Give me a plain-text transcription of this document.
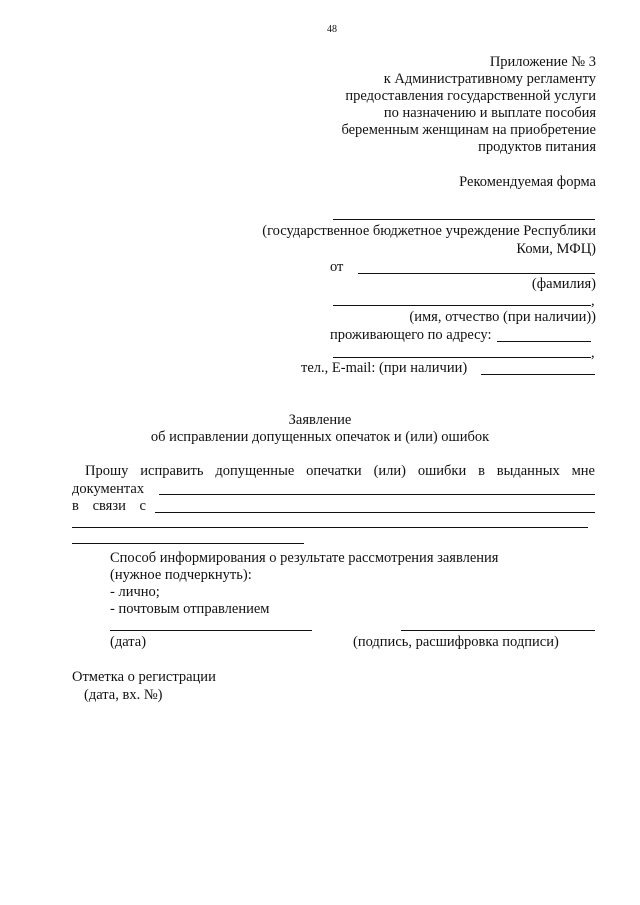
48
Приложение № 3
к Административному регламенту
предоставления государственной услуги
по назначению и выплате пособия
беременным женщинам на приобретение
продуктов питания
Рекомендуемая форма
(государственное бюджетное учреждение Республики
Коми, МФЦ)
от
(фамилия)
,
(имя, отчество (при наличии))
проживающего по адресу:
,
тел., E-mail: (при наличии)
Заявление
об исправлении допущенных опечаток и (или) ошибок
Прошу исправить допущенные опечатки (или) ошибки в выданных мне
документах
в связи с
Способ информирования о результате рассмотрения заявления
(нужное подчеркнуть):
- лично;
- почтовым отправлением
(дата)	(подпись, расшифровка подписи)
Отметка о регистрации
(дата, вх. №)
